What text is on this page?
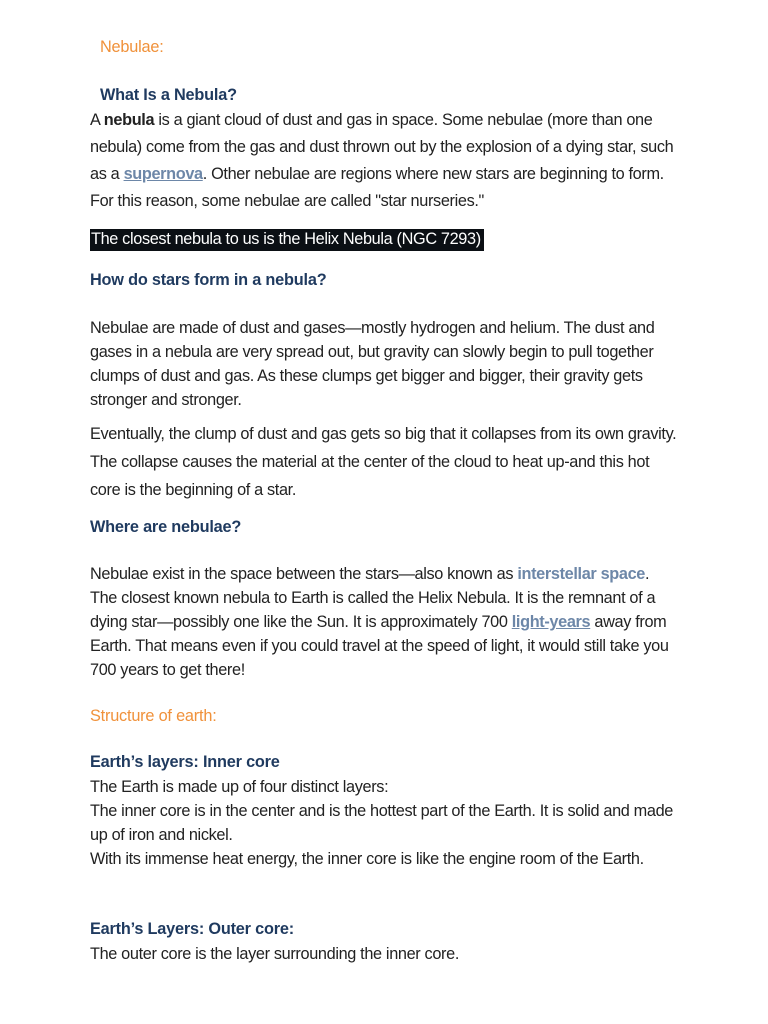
Nebulae:
What Is a Nebula?

A nebula is a giant cloud of dust and gas in space. Some nebulae (more than one nebula) come from the gas and dust thrown out by the explosion of a dying star, such as a supernova. Other nebulae are regions where new stars are beginning to form. For this reason, some nebulae are called "star nurseries."

The closest nebula to us is the Helix Nebula (NGC 7293)
How do stars form in a nebula?

Nebulae are made of dust and gases—mostly hydrogen and helium. The dust and gases in a nebula are very spread out, but gravity can slowly begin to pull together clumps of dust and gas. As these clumps get bigger and bigger, their gravity gets stronger and stronger.

Eventually, the clump of dust and gas gets so big that it collapses from its own gravity. The collapse causes the material at the center of the cloud to heat up-and this hot core is the beginning of a star.

Where are nebulae?

Nebulae exist in the space between the stars—also known as interstellar space. The closest known nebula to Earth is called the Helix Nebula. It is the remnant of a dying star—possibly one like the Sun. It is approximately 700 light-years away from Earth. That means even if you could travel at the speed of light, it would still take you 700 years to get there!

Structure of earth:
Earth’s layers: Inner core

The Earth is made up of four distinct layers:

The inner core is in the center and is the hottest part of the Earth. It is solid and made up of iron and nickel.

With its immense heat energy, the inner core is like the engine room of the Earth.

Earth’s Layers: Outer core:

The outer core is the layer surrounding the inner core.
